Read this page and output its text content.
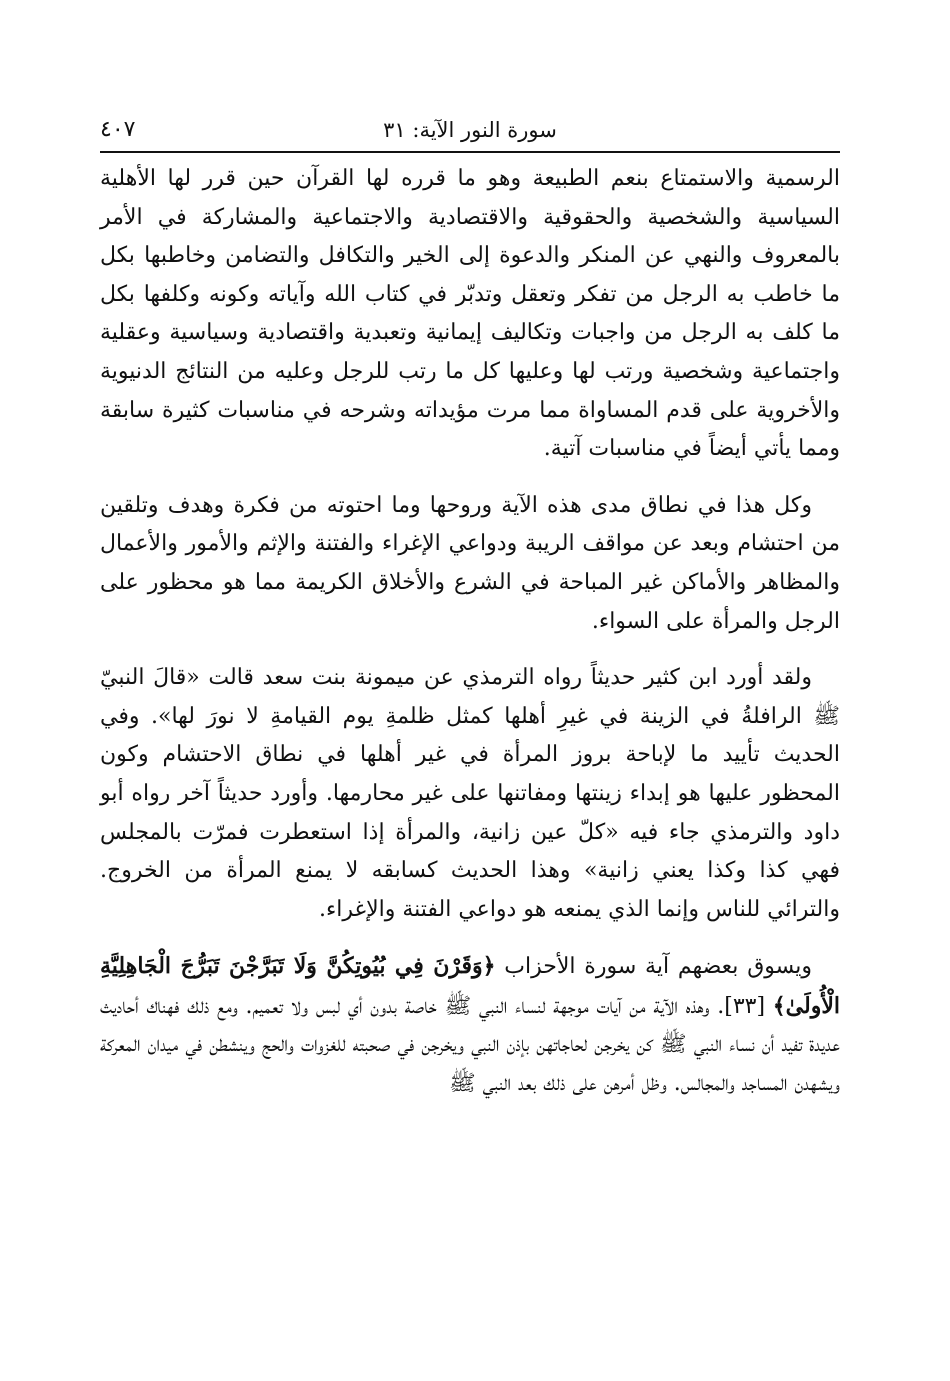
سورة النور الآية: ٣١
٤٠٧

الرسمية والاستمتاع بنعم الطبيعة وهو ما قرره لها القرآن حين قرر لها الأهلية السياسية والشخصية والحقوقية والاقتصادية والاجتماعية والمشاركة في الأمر بالمعروف والنهي عن المنكر والدعوة إلى الخير والتكافل والتضامن وخاطبها بكل ما خاطب به الرجل من تفكر وتعقل وتدبّر في كتاب الله وآياته وكونه وكلفها بكل ما كلف به الرجل من واجبات وتكاليف إيمانية وتعبدية واقتصادية وسياسية وعقلية واجتماعية وشخصية ورتب لها وعليها كل ما رتب للرجل وعليه من النتائج الدنيوية والأخروية على قدم المساواة مما مرت مؤيداته وشرحه في مناسبات كثيرة سابقة ومما يأتي أيضاً في مناسبات آتية.

وكل هذا في نطاق مدى هذه الآية وروحها وما احتوته من فكرة وهدف وتلقين من احتشام وبعد عن مواقف الريبة ودواعي الإغراء والفتنة والإثم والأمور والأعمال والمظاهر والأماكن غير المباحة في الشرع والأخلاق الكريمة مما هو محظور على الرجل والمرأة على السواء.

ولقد أورد ابن كثير حديثاً رواه الترمذي عن ميمونة بنت سعد قالت «قالَ النبيّ ﷺ الرافلةُ في الزينة في غيرِ أهلها كمثل ظلمةِ يوم القيامةِ لا نورَ لها». وفي الحديث تأييد ما لإباحة بروز المرأة في غير أهلها في نطاق الاحتشام وكون المحظور عليها هو إبداء زينتها ومفاتنها على غير محارمها. وأورد حديثاً آخر رواه أبو داود والترمذي جاء فيه «كلّ عين زانية، والمرأة إذا استعطرت فمرّت بالمجلس فهي كذا وكذا يعني زانية» وهذا الحديث كسابقه لا يمنع المرأة من الخروج. والترائي للناس وإنما الذي يمنعه هو دواعي الفتنة والإغراء.

ويسوق بعضهم آية سورة الأحزاب ﴿وَقَرْنَ فِي بُيُوتِكُنَّ وَلَا تَبَرَّجْنَ تَبَرُّجَ الْجَاهِلِيَّةِ الْأُولَىٰ﴾ [٣٣]. وهذه الآية من آيات موجهة لنساء النبي ﷺ خاصة بدون أي لبس ولا تعميم. ومع ذلك فهناك أحاديث عديدة تفيد أن نساء النبي ﷺ كن يخرجن لحاجاتهن بإذن النبي ويخرجن في صحبته للغزوات والحج وينشطن في ميدان المعركة ويشهدن المساجد والمجالس. وظل أمرهن على ذلك بعد النبي ﷺ
